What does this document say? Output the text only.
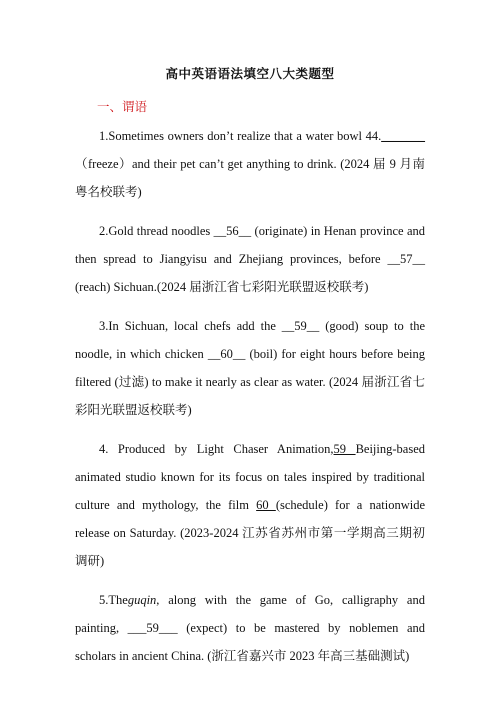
高中英语语法填空八大类题型
一、谓语

1.Sometimes owners don’t realize that a water bowl 44._______（freeze）and their pet can’t get anything to drink. (2024 届 9 月南粤名校联考)

2.Gold thread noodles __56__ (originate) in Henan province and then spread to Jiangyisu and Zhejiang provinces, before __57__ (reach) Sichuan.(2024 届浙江省七彩阳光联盟返校联考)

3.In Sichuan, local chefs add the __59__ (good) soup to the noodle, in which chicken __60__ (boil) for eight hours before being filtered (过滤) to make it nearly as clear as water. (2024 届浙江省七彩阳光联盟返校联考)

4. Produced by Light Chaser Animation,59 Beijing-based animated studio known for its focus on tales inspired by traditional culture and mythology, the film 60 (schedule) for a nationwide release on Saturday. (2023-2024 江苏省苏州市第一学期高三期初调研)

5.Theguqin, along with the game of Go, calligraphy and painting, ___59___ (expect) to be mastered by noblemen and scholars in ancient China. (浙江省嘉兴市 2023 年高三基础测试)
